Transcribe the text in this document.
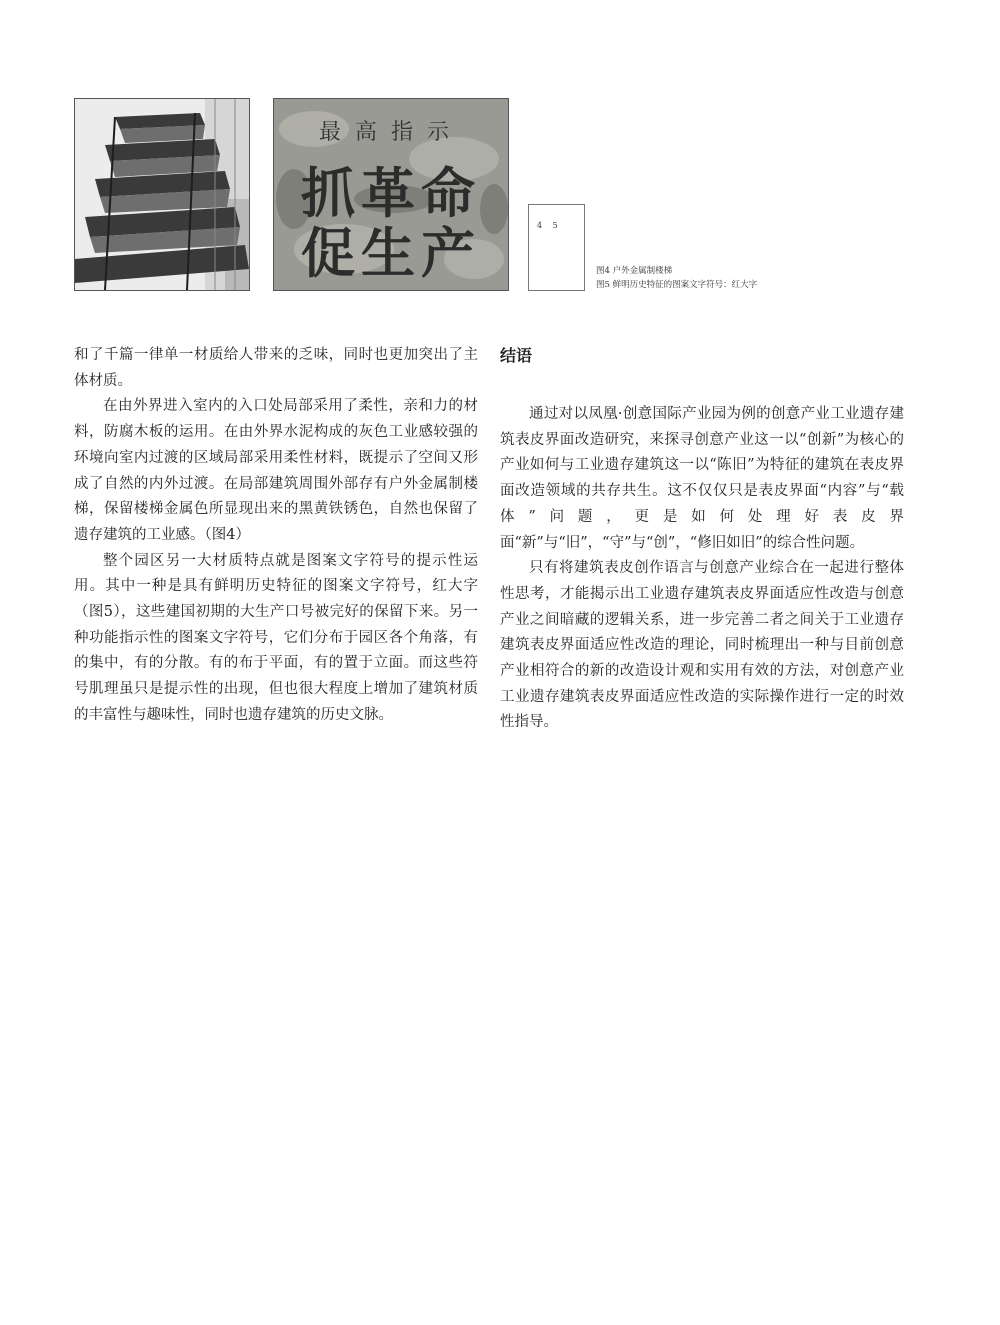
最高指示
抓革命
促生产	4 5
图4 户外金属制楼梯
图5 鲜明历史特征的图案文字符号：红大字

和了千篇一律单一材质给人带来的乏味，同时也更加突出了主体材质。

在由外界进入室内的入口处局部采用了柔性，亲和力的材料，防腐木板的运用。在由外界水泥构成的灰色工业感较强的环境向室内过渡的区域局部采用柔性材料，既提示了空间又形成了自然的内外过渡。在局部建筑周围外部存有户外金属制楼梯，保留楼梯金属色所显现出来的黑黄铁锈色，自然也保留了遗存建筑的工业感。（图4）

整个园区另一大材质特点就是图案文字符号的提示性运用。其中一种是具有鲜明历史特征的图案文字符号，红大字（图5），这些建国初期的大生产口号被完好的保留下来。另一种功能指示性的图案文字符号，它们分布于园区各个角落，有的集中，有的分散。有的布于平面，有的置于立面。而这些符号肌理虽只是提示性的出现，但也很大程度上增加了建筑材质的丰富性与趣味性，同时也遗存建筑的历史文脉。

结语

通过对以凤凰·创意国际产业园为例的创意产业工业遗存建筑表皮界面改造研究，来探寻创意产业这一以“创新”为核心的产业如何与工业遗存建筑这一以“陈旧”为特征的建筑在表皮界面改造领域的共存共生。这不仅仅只是表皮界面“内容”与“载体”问题，更是如何处理好表皮界面“新”与“旧”，“守”与“创”，“修旧如旧”的综合性问题。

只有将建筑表皮创作语言与创意产业综合在一起进行整体性思考，才能揭示出工业遗存建筑表皮界面适应性改造与创意产业之间暗藏的逻辑关系，进一步完善二者之间关于工业遗存建筑表皮界面适应性改造的理论，同时梳理出一种与目前创意产业相符合的新的改造设计观和实用有效的方法，对创意产业工业遗存建筑表皮界面适应性改造的实际操作进行一定的时效性指导。
